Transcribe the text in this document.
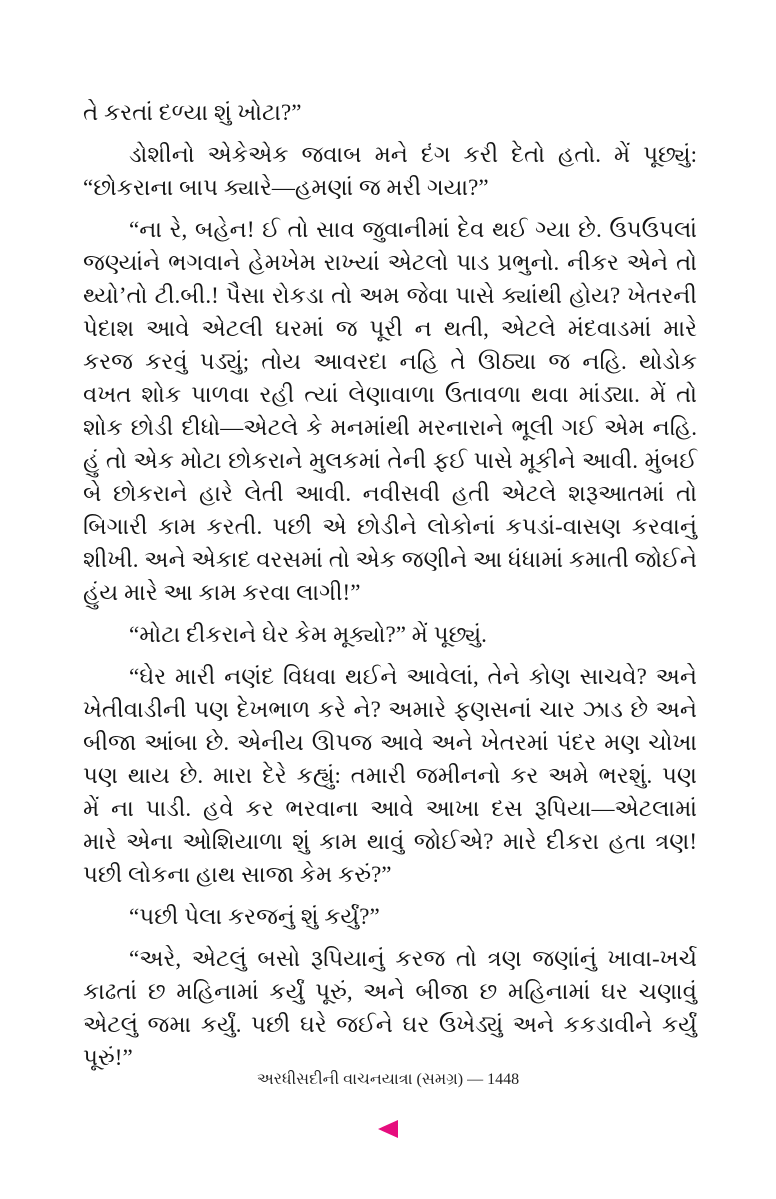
તે કરતાં દળ્યા શું ખોટા?”

ડોશીનો એકેએક જવાબ મને દંગ કરી દેતો હતો. મેં પૂછ્યું:
“છોકરાના બાપ ક્યારે—હમણાં જ મરી ગયા?”

“ના રે, બહેન! ઈ તો સાવ જુવાનીમાં દેવ થઈ ગ્યા છે. ઉપઉપલાં
જણ્યાંને ભગવાને હેમખેમ રાખ્યાં એટલો પાડ પ્રભુનો. નીકર એને તો
થ્યો’તો ટી.બી.! પૈસા રોકડા તો અમ જેવા પાસે ક્યાંથી હોય? ખેતરની
પેદાશ આવે એટલી ઘરમાં જ પૂરી ન થતી, એટલે મંદવાડમાં મારે
કરજ કરવું પડ્યું; તોય આવરદા નહિ તે ઊઠ્યા જ નહિ. થોડોક
વખત શોક પાળવા રહી ત્યાં લેણાવાળા ઉતાવળા થવા માંડ્યા. મેં તો
શોક છોડી દીધો—એટલે કે મનમાંથી મરનારાને ભૂલી ગઈ એમ નહિ.
હું તો એક મોટા છોકરાને મુલકમાં તેની ફઈ પાસે મૂકીને આવી. મુંબઈ
બે છોકરાને હારે લેતી આવી. નવીસવી હતી એટલે શરૂઆતમાં તો
બિગારી કામ કરતી. પછી એ છોડીને લોકોનાં કપડાં-વાસણ કરવાનું
શીખી. અને એકાદ વરસમાં તો એક જણીને આ ધંધામાં કમાતી જોઈને
હુંય મારે આ કામ કરવા લાગી!”

“મોટા દીકરાને ઘેર કેમ મૂક્યો?” મેં પૂછ્યું.

“ઘેર મારી નણંદ વિધવા થઈને આવેલાં, તેને કોણ સાચવે? અને
ખેતીવાડીની પણ દેખભાળ કરે ને? અમારે ફણસનાં ચાર ઝાડ છે અને
બીજા આંબા છે. એનીય ઊપજ આવે અને ખેતરમાં પંદર મણ ચોખા
પણ થાય છે. મારા દેરે કહ્યું: તમારી જમીનનો કર અમે ભરશું. પણ
મેં ના પાડી. હવે કર ભરવાના આવે આખા દસ રૂપિયા—એટલામાં
મારે એના ઓશિયાળા શું કામ થાવું જોઈએ? મારે દીકરા હતા ત્રણ!
પછી લોકના હાથ સાજા કેમ કરું?”

“પછી પેલા કરજનું શું કર્યું?”

“અરે, એટલું બસો રૂપિયાનું કરજ તો ત્રણ જણાંનું ખાવા-ખર્ચ
કાઢતાં છ મહિનામાં કર્યું પૂરું, અને બીજા છ મહિનામાં ઘર ચણાવું
એટલું જમા કર્યું. પછી ઘરે જઈને ઘર ઉખેડ્યું અને કકડાવીને કર્યું પૂરું!”

અરધીસદીની વાચનયાત્રા (સમગ્ર) — 1448
